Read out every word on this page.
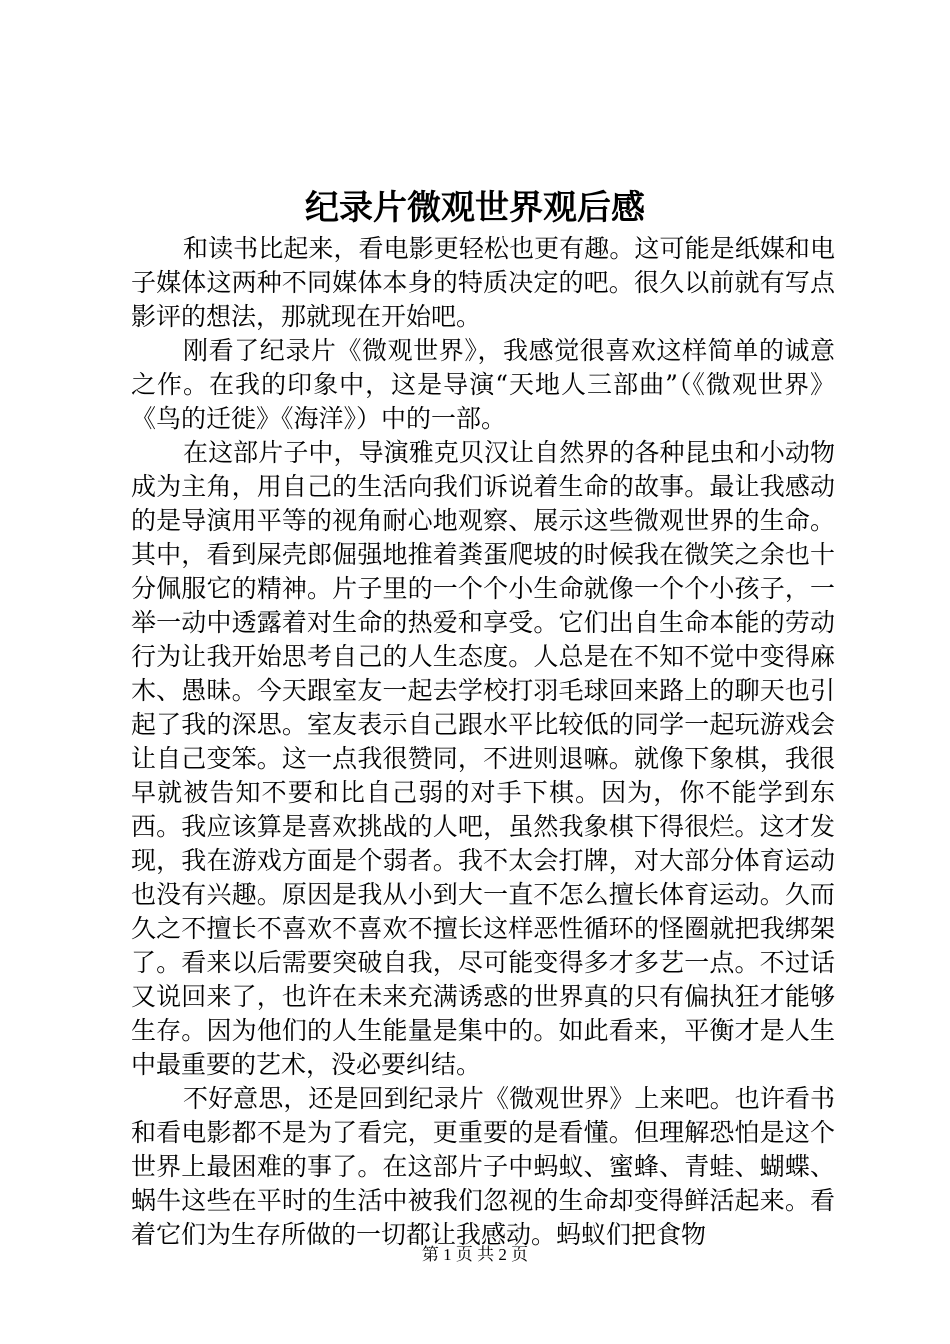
纪录片微观世界观后感

和读书比起来，看电影更轻松也更有趣。这可能是纸媒和电子媒体这两种不同媒体本身的特质决定的吧。很久以前就有写点影评的想法，那就现在开始吧。

刚看了纪录片《微观世界》，我感觉很喜欢这样简单的诚意之作。在我的印象中，这是导演“天地人三部曲”（《微观世界》《鸟的迁徙》《海洋》）中的一部。

在这部片子中，导演雅克贝汉让自然界的各种昆虫和小动物成为主角，用自己的生活向我们诉说着生命的故事。最让我感动的是导演用平等的视角耐心地观察、展示这些微观世界的生命。其中，看到屎壳郎倔强地推着粪蛋爬坡的时候我在微笑之余也十分佩服它的精神。片子里的一个个小生命就像一个个小孩子，一举一动中透露着对生命的热爱和享受。它们出自生命本能的劳动行为让我开始思考自己的人生态度。人总是在不知不觉中变得麻木、愚昧。今天跟室友一起去学校打羽毛球回来路上的聊天也引起了我的深思。室友表示自己跟水平比较低的同学一起玩游戏会让自己变笨。这一点我很赞同，不进则退嘛。就像下象棋，我很早就被告知不要和比自己弱的对手下棋。因为，你不能学到东西。我应该算是喜欢挑战的人吧，虽然我象棋下得很烂。这才发现，我在游戏方面是个弱者。我不太会打牌，对大部分体育运动也没有兴趣。原因是我从小到大一直不怎么擅长体育运动。久而久之不擅长不喜欢不喜欢不擅长这样恶性循环的怪圈就把我绑架了。看来以后需要突破自我，尽可能变得多才多艺一点。不过话又说回来了，也许在未来充满诱惑的世界真的只有偏执狂才能够生存。因为他们的人生能量是集中的。如此看来，平衡才是人生中最重要的艺术，没必要纠结。

不好意思，还是回到纪录片《微观世界》上来吧。也许看书和看电影都不是为了看完，更重要的是看懂。但理解恐怕是这个世界上最困难的事了。在这部片子中蚂蚁、蜜蜂、青蛙、蝴蝶、蜗牛这些在平时的生活中被我们忽视的生命却变得鲜活起来。看着它们为生存所做的一切都让我感动。蚂蚁们把食物

第 1 页 共 2 页
